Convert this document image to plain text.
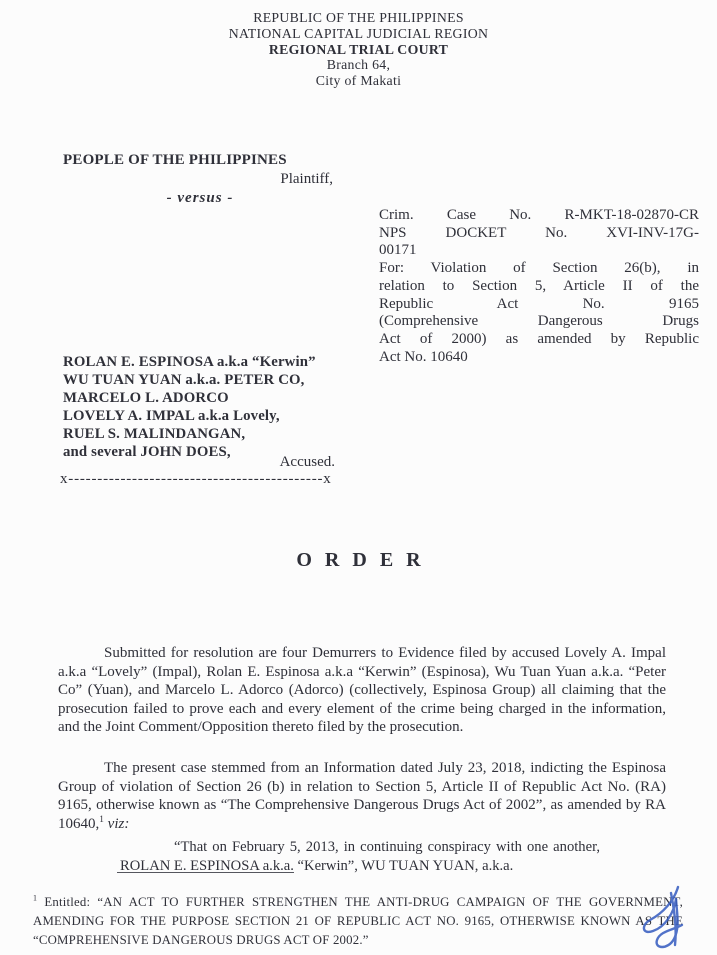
REPUBLIC OF THE PHILIPPINES
NATIONAL CAPITAL JUDICIAL REGION
REGIONAL TRIAL COURT
Branch 64,
City of Makati
PEOPLE OF THE PHILIPPINES
Plaintiff,
- versus -
Crim. Case No. R-MKT-18-02870-CR
NPS DOCKET No. XVI-INV-17G-
00171
For: Violation of Section 26(b), in
relation to Section 5, Article II of the
Republic Act No. 9165
(Comprehensive Dangerous Drugs
Act of 2000) as amended by Republic
Act No. 10640
ROLAN E. ESPINOSA a.k.a “Kerwin”
WU TUAN YUAN a.k.a. PETER CO,
MARCELO L. ADORCO
LOVELY A. IMPAL a.k.a Lovely,
RUEL S. MALINDANGAN,
and several JOHN DOES,
Accused.
x--------------------------------------------x
ORDER

Submitted for resolution are four Demurrers to Evidence filed by accused Lovely A. Impal a.k.a “Lovely” (Impal), Rolan E. Espinosa a.k.a “Kerwin” (Espinosa), Wu Tuan Yuan a.k.a. “Peter Co” (Yuan), and Marcelo L. Adorco (Adorco) (collectively, Espinosa Group) all claiming that the prosecution failed to prove each and every element of the crime being charged in the information, and the Joint Comment/Opposition thereto filed by the prosecution.

The present case stemmed from an Information dated July 23, 2018, indicting the Espinosa Group of violation of Section 26 (b) in relation to Section 5, Article II of Republic Act No. (RA) 9165, otherwise known as “The Comprehensive Dangerous Drugs Act of 2002”, as amended by RA 10640,$^1$ viz:

“That on February 5, 2013, in continuing conspiracy with one another, ROLAN E. ESPINOSA a.k.a. “Kerwin”, WU TUAN YUAN, a.k.a.

$^1$ Entitled: “AN ACT TO FURTHER STRENGTHEN THE ANTI-DRUG CAMPAIGN OF THE GOVERNMENT, AMENDING FOR THE PURPOSE SECTION 21 OF REPUBLIC ACT NO. 9165, OTHERWISE KNOWN AS THE “COMPREHENSIVE DANGEROUS DRUGS ACT OF 2002.”
